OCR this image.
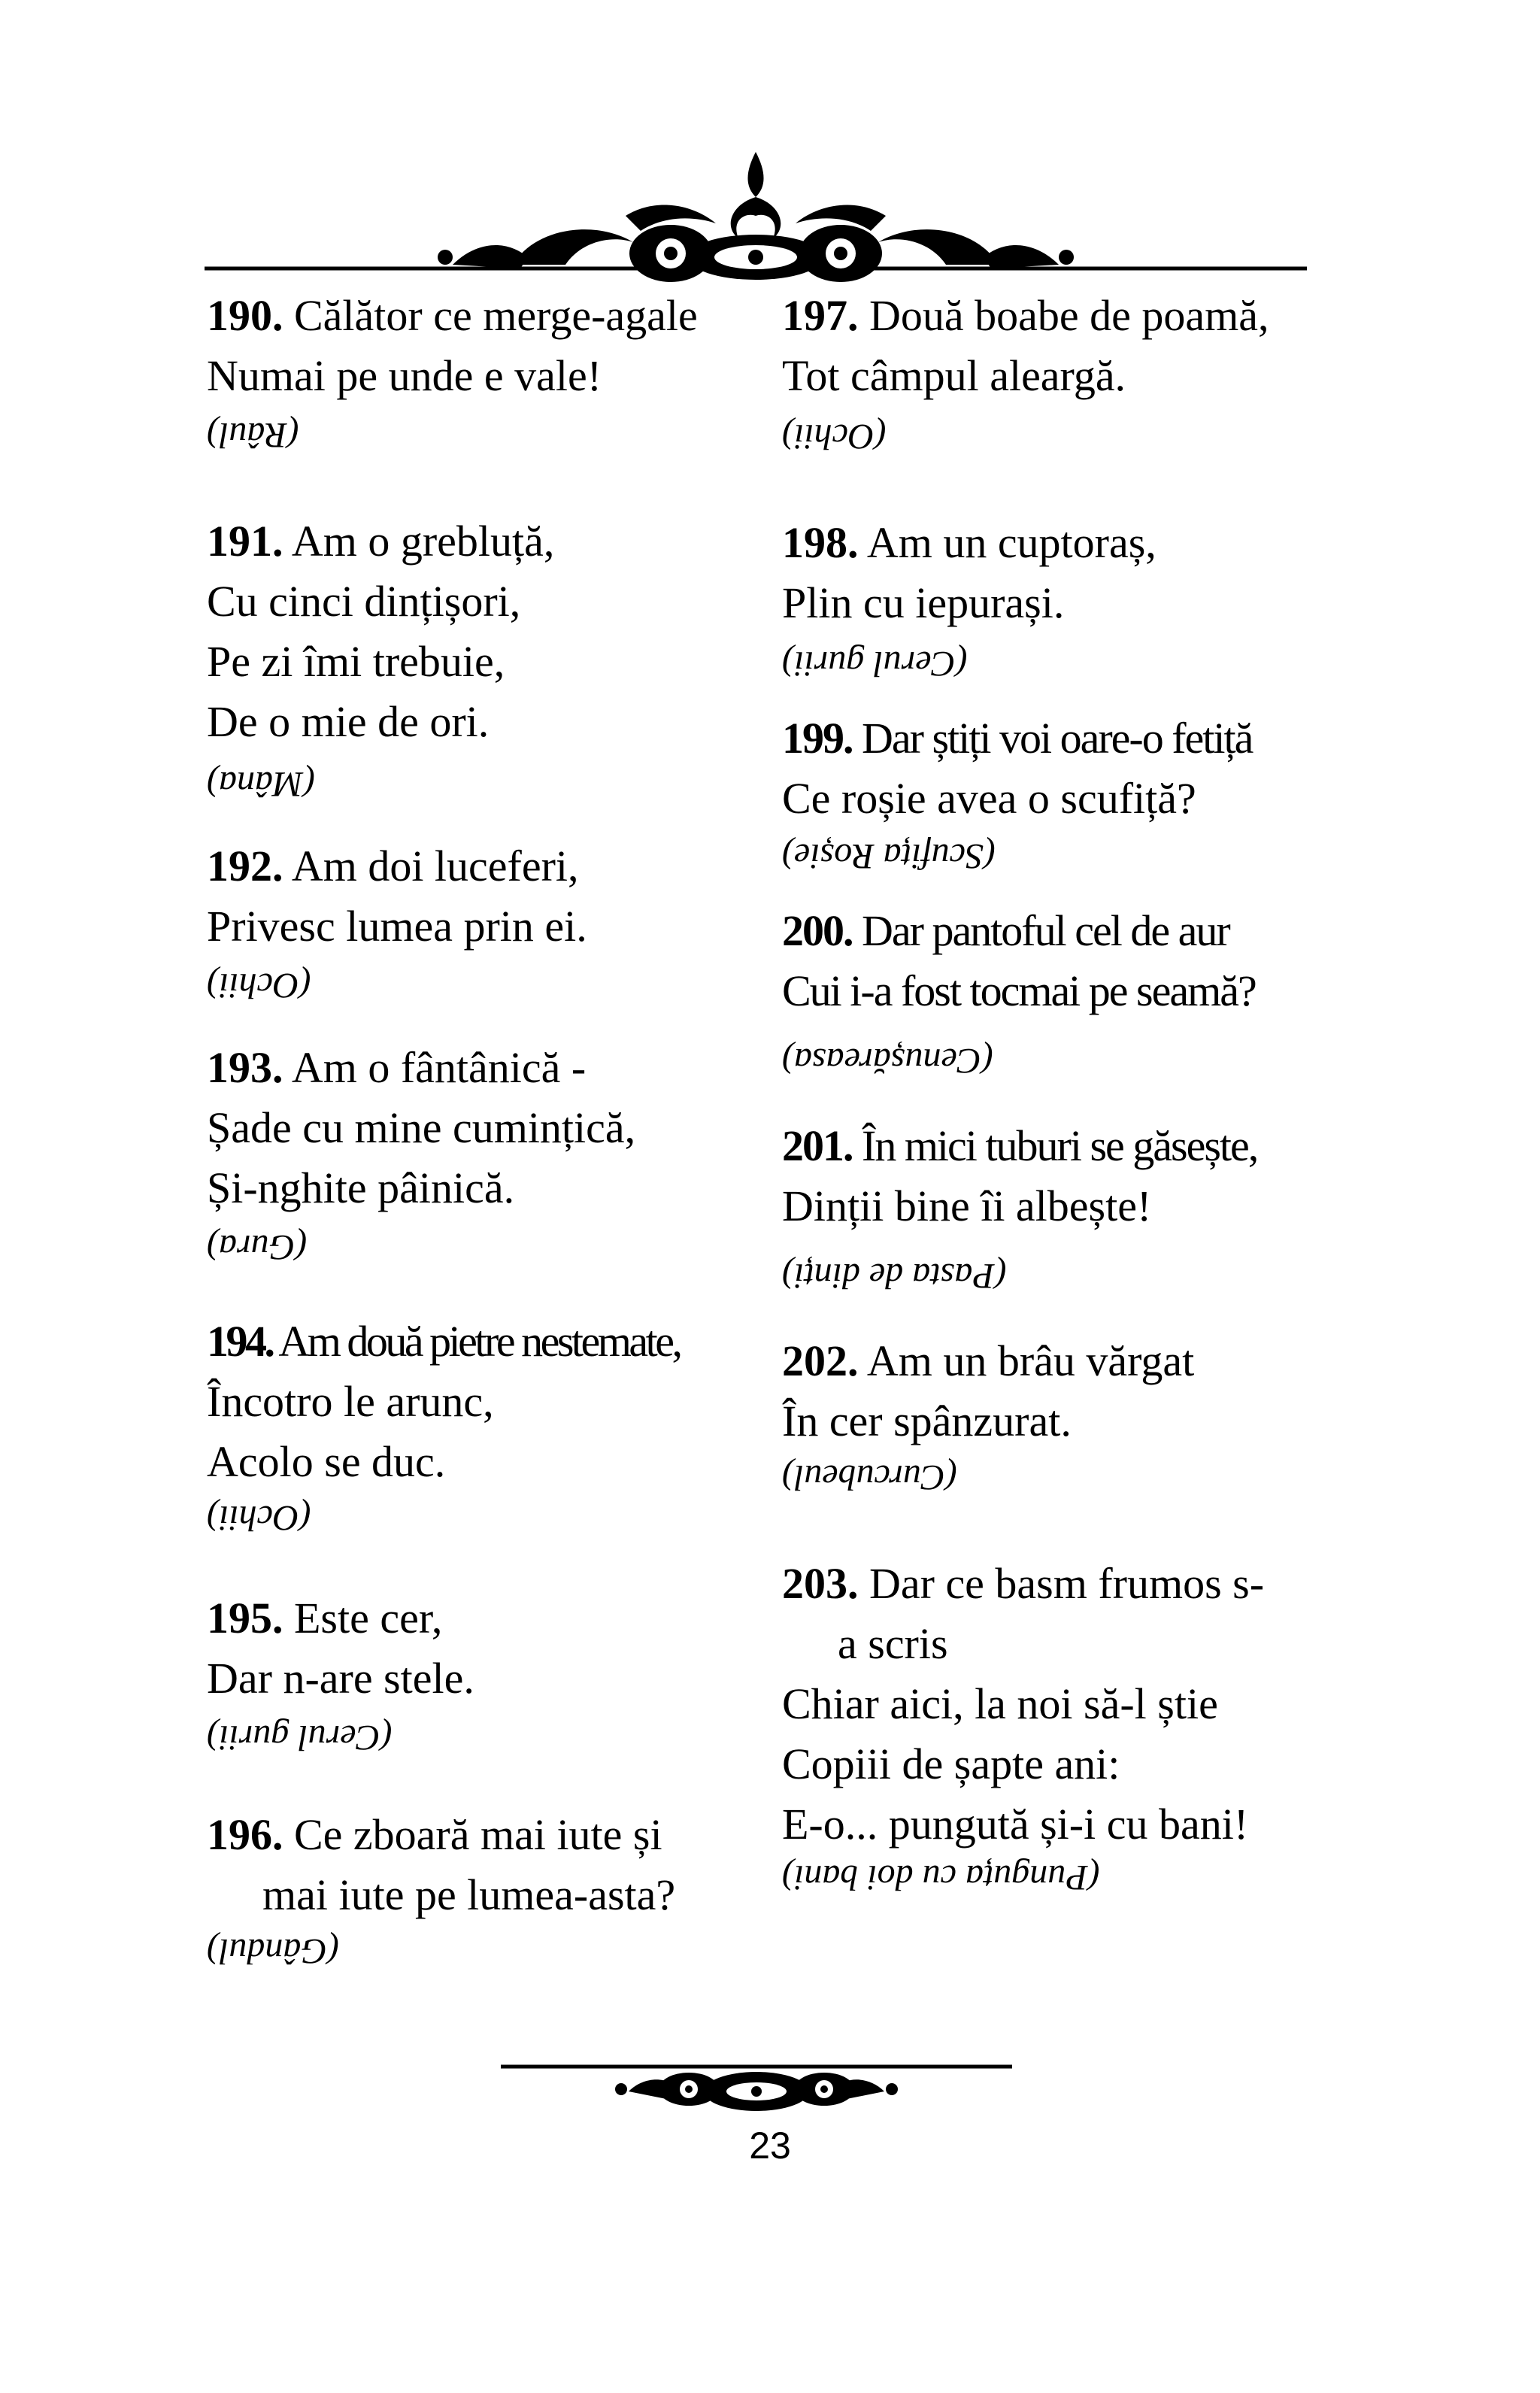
190. Călător ce merge-agale
Numai pe unde e vale!
(Râul)
191. Am o grebluță,
Cu cinci dințișori,
Pe zi îmi trebuie,
De o mie de ori.
(Mâna)
192. Am doi luceferi,
Privesc lumea prin ei.
(Ochii)
193. Am o fântânică -
Șade cu mine cumințică,
Și-nghite pâinică.
(Gura)
194. Am două pietre nestemate,
Încotro le arunc,
Acolo se duc.
(Ochii)
195. Este cer,
Dar n-are stele.
(Cerul gurii)
196. Ce zboară mai iute și
mai iute pe lumea-asta?
(Gândul)
197. Două boabe de poamă,
Tot câmpul aleargă.
(Ochii)
198. Am un cuptoraș,
Plin cu iepurași.
(Cerul gurii)
199. Dar știți voi oare-o fetiță
Ce roșie avea o scufiță?
(Scufița Roșie)
200. Dar pantoful cel de aur
Cui i-a fost tocmai pe seamă?
(Cenușăreasa)
201. În mici tuburi se găsește,
Dinții bine îi albește!
(Pasta de dinți)
202. Am un brâu vărgat
În cer spânzurat.
(Curcubeul)
203. Dar ce basm frumos s-
a scris
Chiar aici, la noi să-l știe
Copiii de șapte ani:
E-o... pungută și-i cu bani!
(Punguța cu doi bani)
23
